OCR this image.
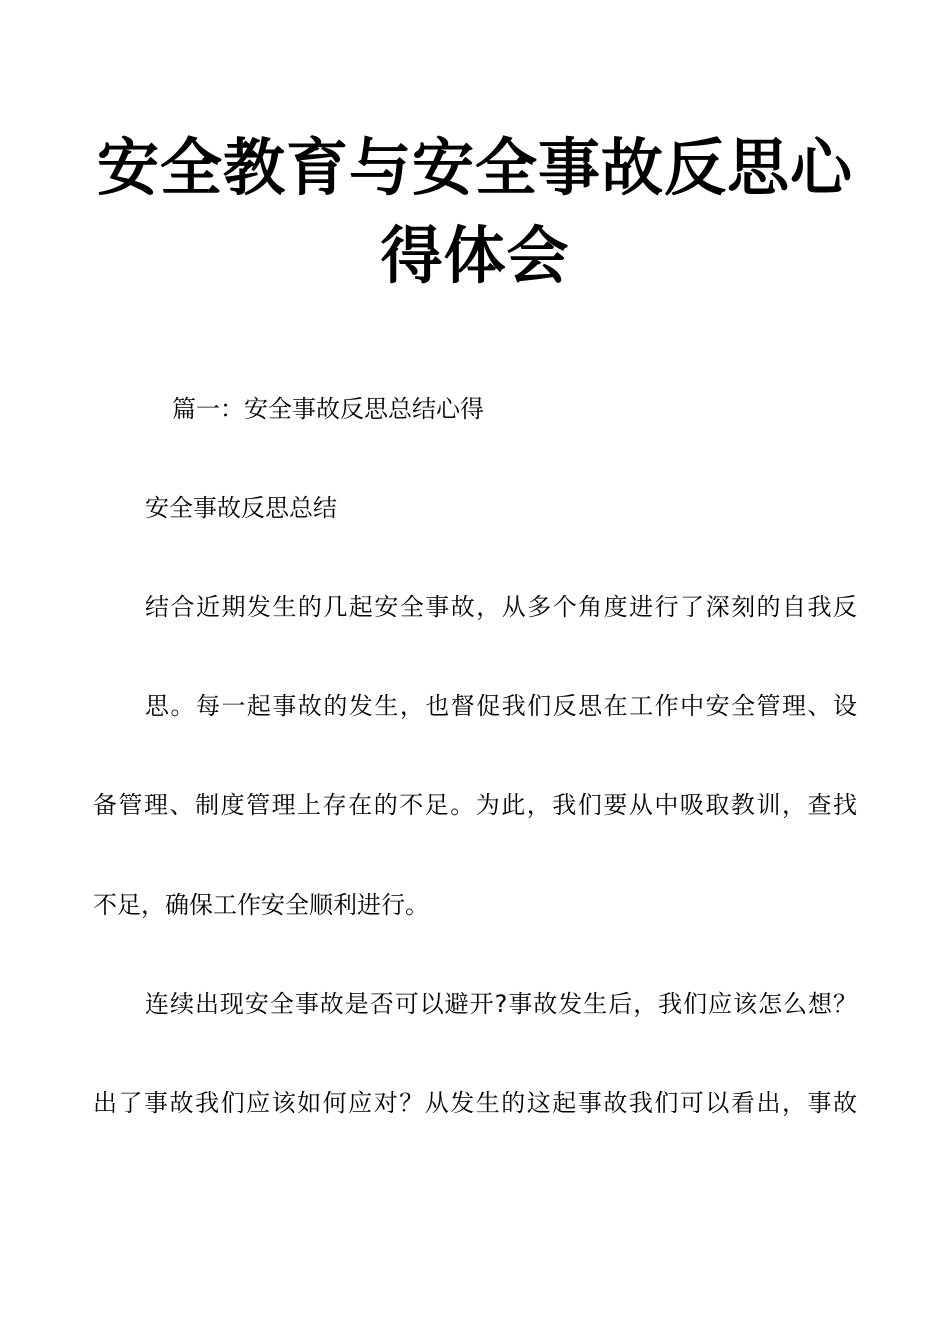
安全教育与安全事故反思心
得体会
篇一：安全事故反思总结心得
安全事故反思总结
结合近期发生的几起安全事故，从多个角度进行了深刻的自我反
思。每一起事故的发生，也督促我们反思在工作中安全管理、设
备管理、制度管理上存在的不足。为此，我们要从中吸取教训，查找
不足，确保工作安全顺利进行。
连续出现安全事故是否可以避开?事故发生后，我们应该怎么想？
出了事故我们应该如何应对？从发生的这起事故我们可以看出，事故
